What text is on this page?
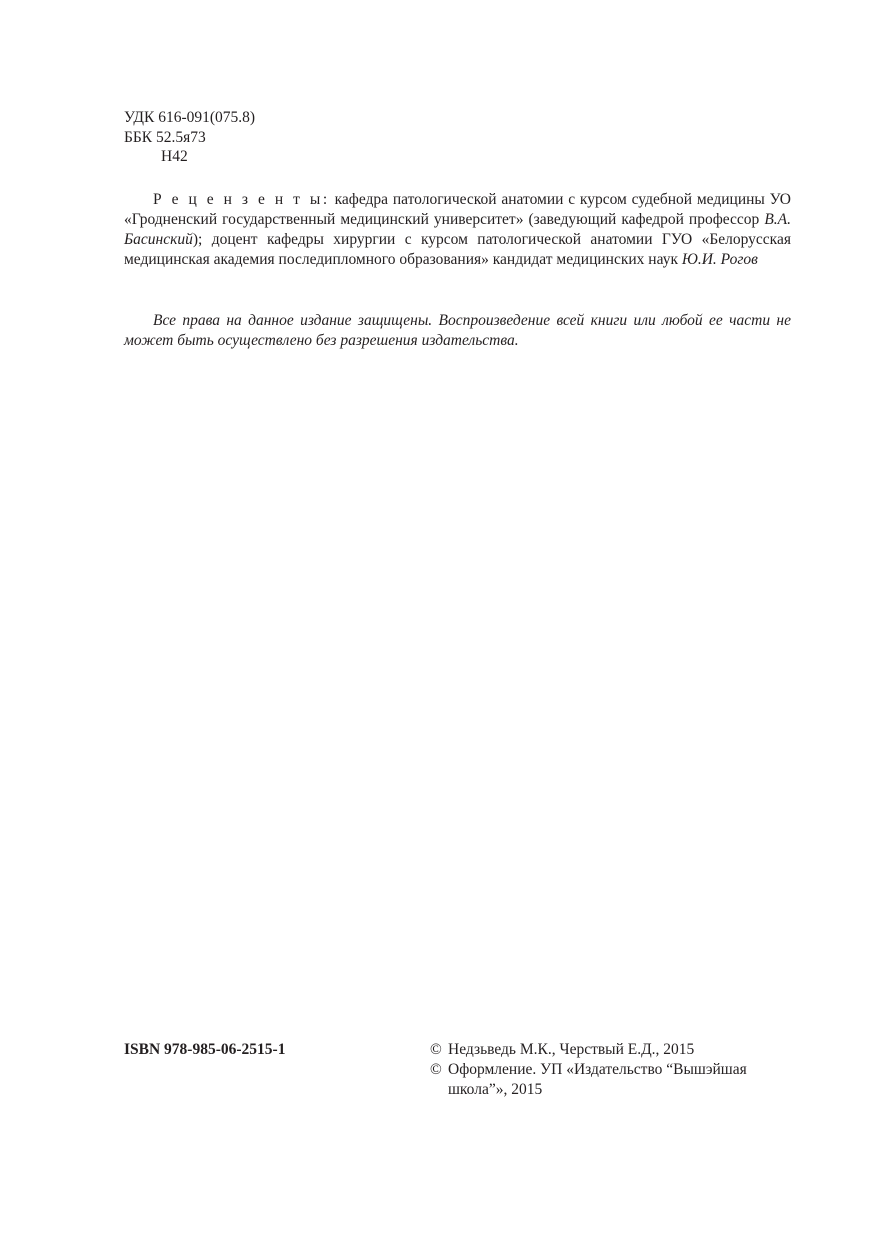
УДК 616-091(075.8)
ББК 52.5я73
Н42

Р е ц е н з е н т ы: кафедра патологической анатомии с курсом судебной медицины УО «Гродненский государственный медицинский университет» (заведующий кафедрой профессор В.А. Басинский); доцент кафедры хирургии с курсом патологической анатомии ГУО «Белорусская медицинская академия последипломного образования» кандидат медицинских наук Ю.И. Рогов

Все права на данное издание защищены. Воспроизведение всей книги или любой ее части не может быть осуществлено без разрешения издательства.

ISBN 978-985-06-2515-1	© Недзьведь М.К., Черствый Е.Д., 2015
© Оформление. УП «Издательство “Вышэйшая школа”», 2015
